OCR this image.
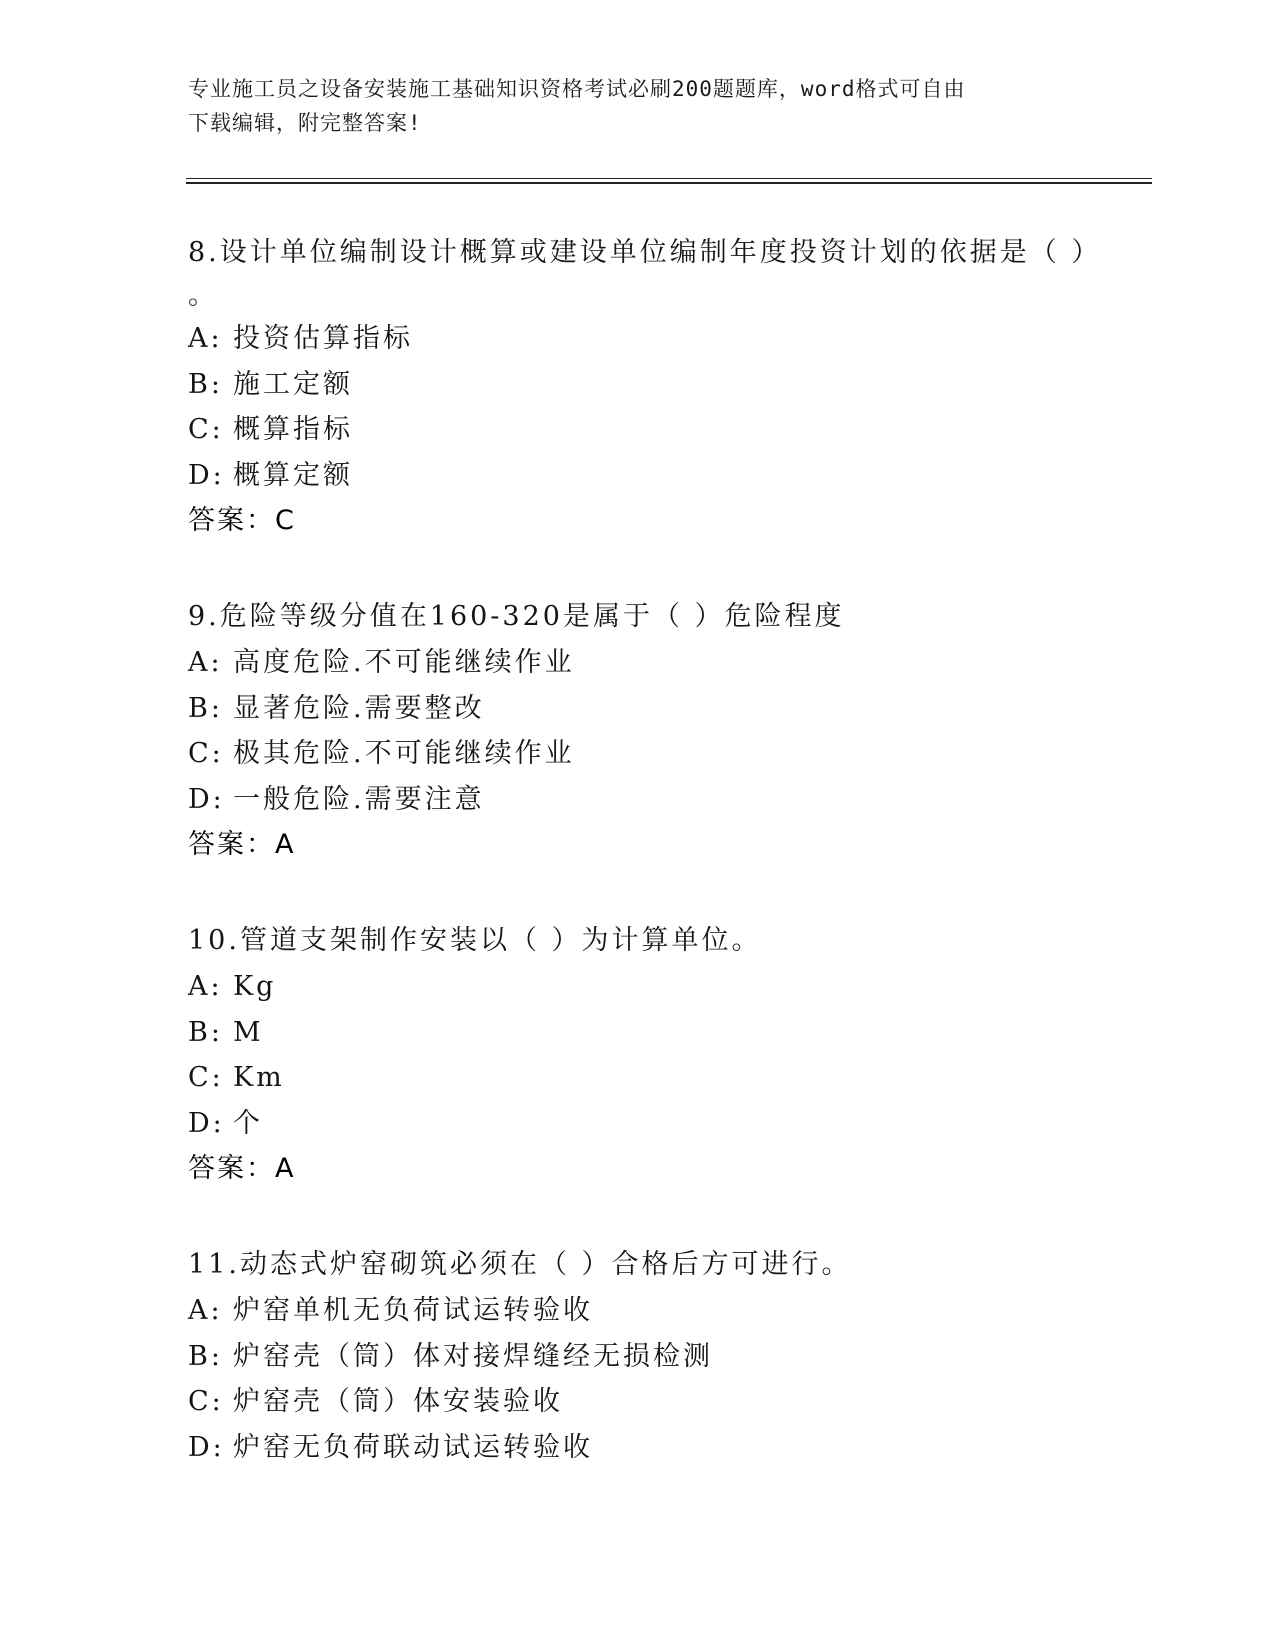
专业施工员之设备安装施工基础知识资格考试必刷200题题库，word格式可自由
下载编辑，附完整答案!

8.设计单位编制设计概算或建设单位编制年度投资计划的依据是（ ）

。

A: 投资估算指标

B: 施工定额

C: 概算指标

D: 概算定额

答案：C

9.危险等级分值在160-320是属于（ ）危险程度

A: 高度危险.不可能继续作业

B: 显著危险.需要整改

C: 极其危险.不可能继续作业

D: 一般危险.需要注意

答案：A

10.管道支架制作安装以（ ）为计算单位。

A: Kg

B: M

C: Km

D: 个

答案：A

11.动态式炉窑砌筑必须在（ ）合格后方可进行。

A: 炉窑单机无负荷试运转验收

B: 炉窑壳（筒）体对接焊缝经无损检测

C: 炉窑壳（筒）体安装验收

D: 炉窑无负荷联动试运转验收
